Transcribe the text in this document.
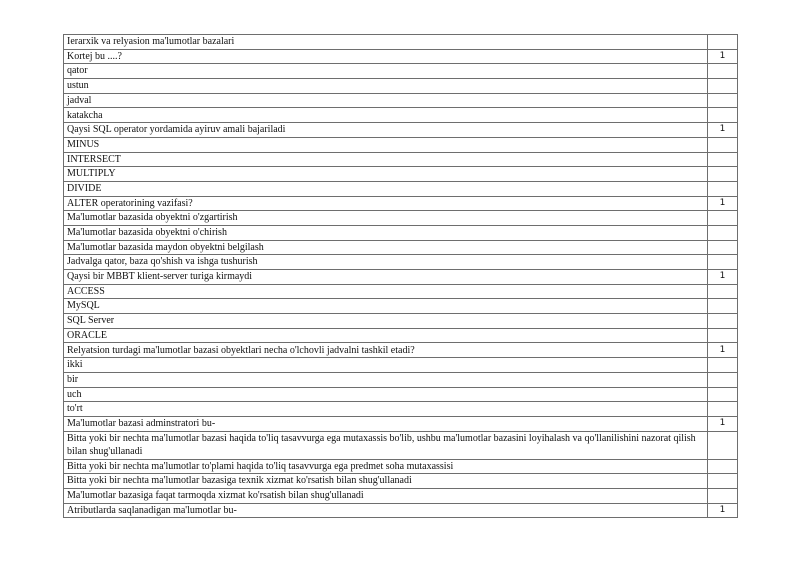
Ierarxik va relyasion ma'lumotlar bazalari	
Kortej bu ....?	1
qator	
ustun	
jadval	
katakcha	
Qaysi SQL operator yordamida ayiruv amali bajariladi	1
MINUS	
INTERSECT	
MULTIPLY	
DIVIDE	
ALTER operatorining vazifasi?	1
Ma'lumotlar bazasida obyektni o'zgartirish	
Ma'lumotlar bazasida obyektni o'chirish	
Ma'lumotlar bazasida maydon obyektni belgilash	
Jadvalga qator, baza qo'shish va ishga tushurish	
Qaysi bir MBBT klient-server turiga kirmaydi	1
ACCESS	
MySQL	
SQL Server	
ORACLE	
Relyatsion turdagi ma'lumotlar bazasi obyektlari necha o'lchovli jadvalni tashkil etadi?	1
ikki	
bir	
uch	
to'rt	
Ma'lumotlar bazasi adminstratori bu-	1
Bitta yoki bir nechta ma'lumotlar bazasi haqida to'liq tasavvurga ega mutaxassis bo'lib, ushbu ma'lumotlar bazasini loyihalash va qo'llanilishini nazorat qilish bilan shug'ullanadi	
Bitta yoki bir nechta ma'lumotlar to'plami haqida to'liq tasavvurga ega predmet soha mutaxassisi	
Bitta yoki bir nechta ma'lumotlar bazasiga texnik xizmat ko'rsatish bilan shug'ullanadi	
Ma'lumotlar bazasiga faqat tarmoqda xizmat ko'rsatish bilan shug'ullanadi	
Atributlarda saqlanadigan ma'lumotlar bu-	1
